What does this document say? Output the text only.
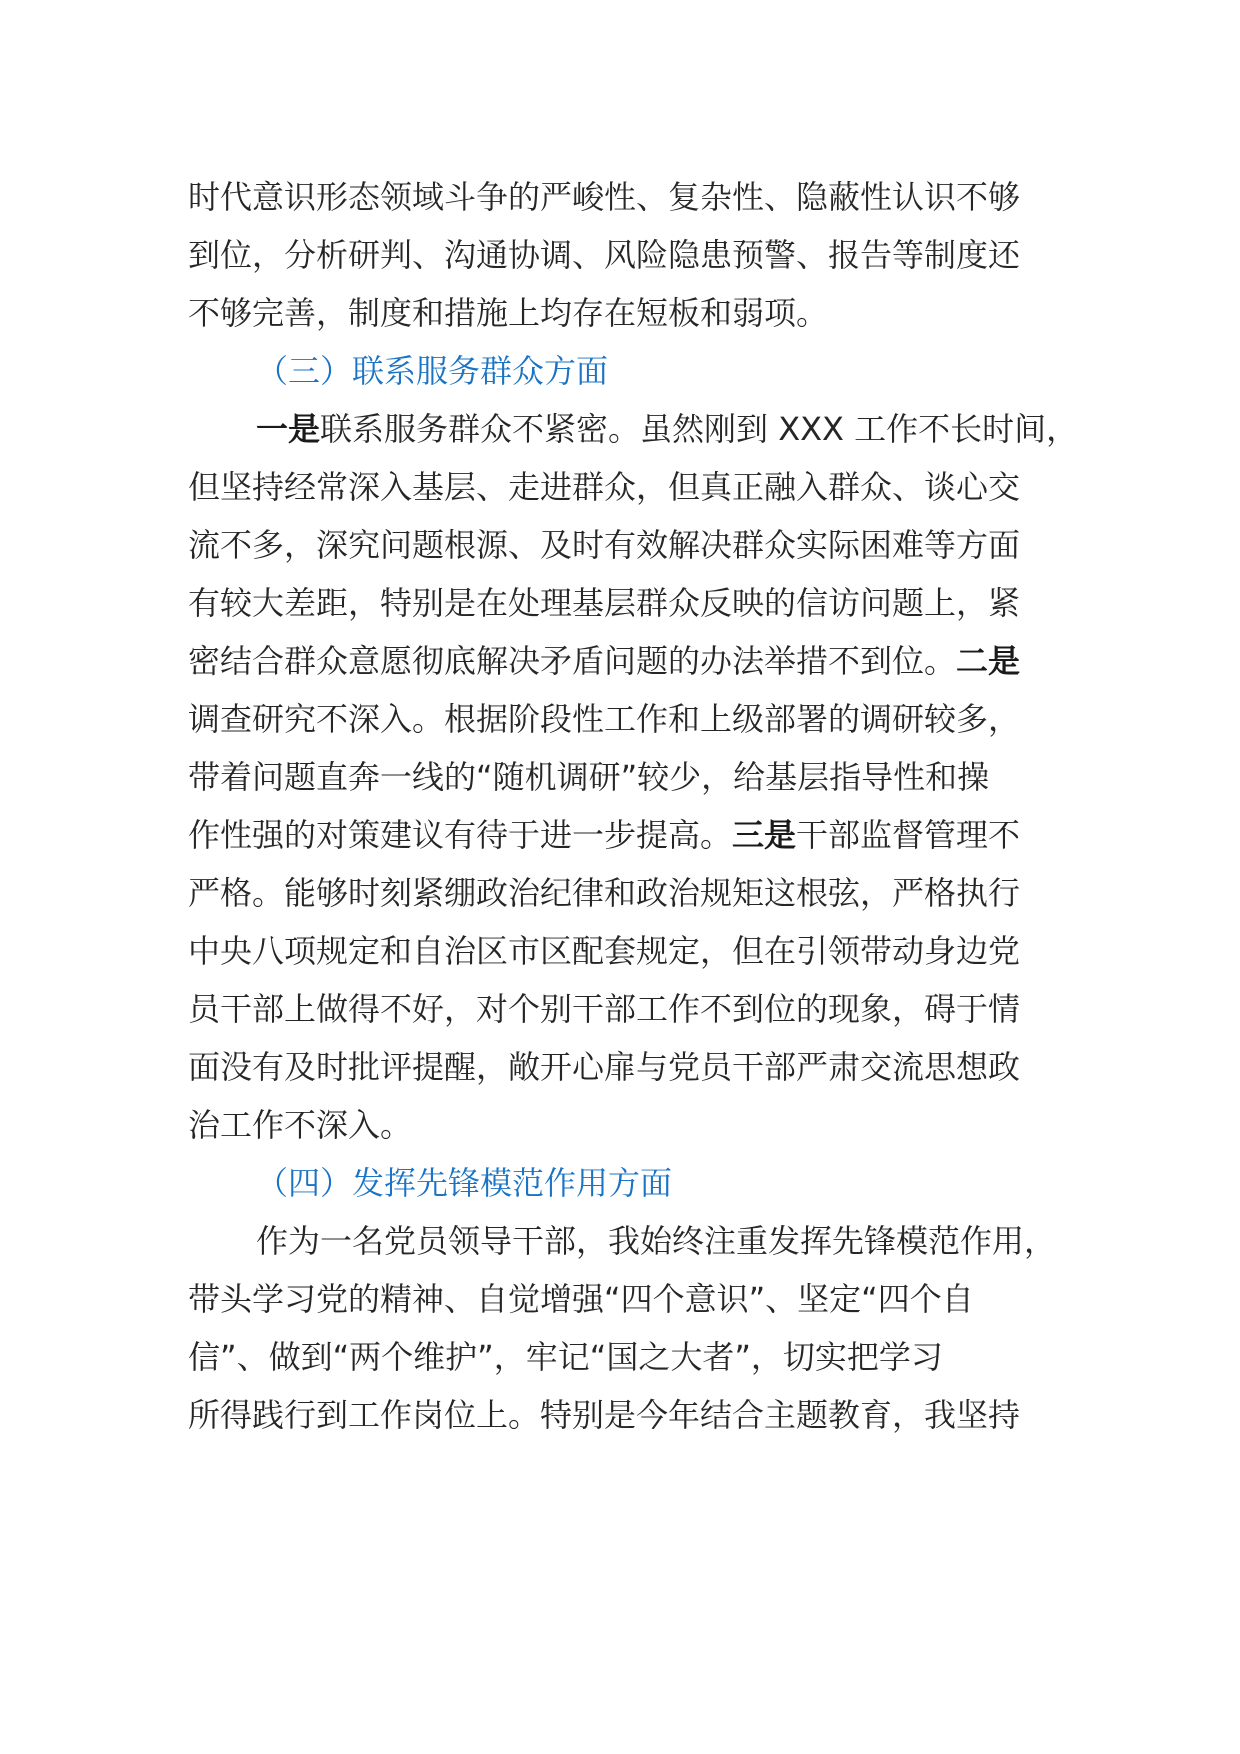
时代意识形态领域斗争的严峻性、复杂性、隐蔽性认识不够
到位，分析研判、沟通协调、风险隐患预警、报告等制度还
不够完善，制度和措施上均存在短板和弱项。
（三）联系服务群众方面
一是联系服务群众不紧密。虽然刚到 XXX 工作不长时间，
但坚持经常深入基层、走进群众，但真正融入群众、谈心交
流不多，深究问题根源、及时有效解决群众实际困难等方面
有较大差距，特别是在处理基层群众反映的信访问题上，紧
密结合群众意愿彻底解决矛盾问题的办法举措不到位。二是
调查研究不深入。根据阶段性工作和上级部署的调研较多，
带着问题直奔一线的“随机调研”较少，给基层指导性和操
作性强的对策建议有待于进一步提高。三是干部监督管理不
严格。能够时刻紧绷政治纪律和政治规矩这根弦，严格执行
中央八项规定和自治区市区配套规定，但在引领带动身边党
员干部上做得不好，对个别干部工作不到位的现象，碍于情
面没有及时批评提醒，敞开心扉与党员干部严肃交流思想政
治工作不深入。
（四）发挥先锋模范作用方面
作为一名党员领导干部，我始终注重发挥先锋模范作用，
带头学习党的精神、自觉增强“四个意识”、坚定“四个自
信”、做到“两个维护”，牢记“国之大者”，切实把学习
所得践行到工作岗位上。特别是今年结合主题教育，我坚持
